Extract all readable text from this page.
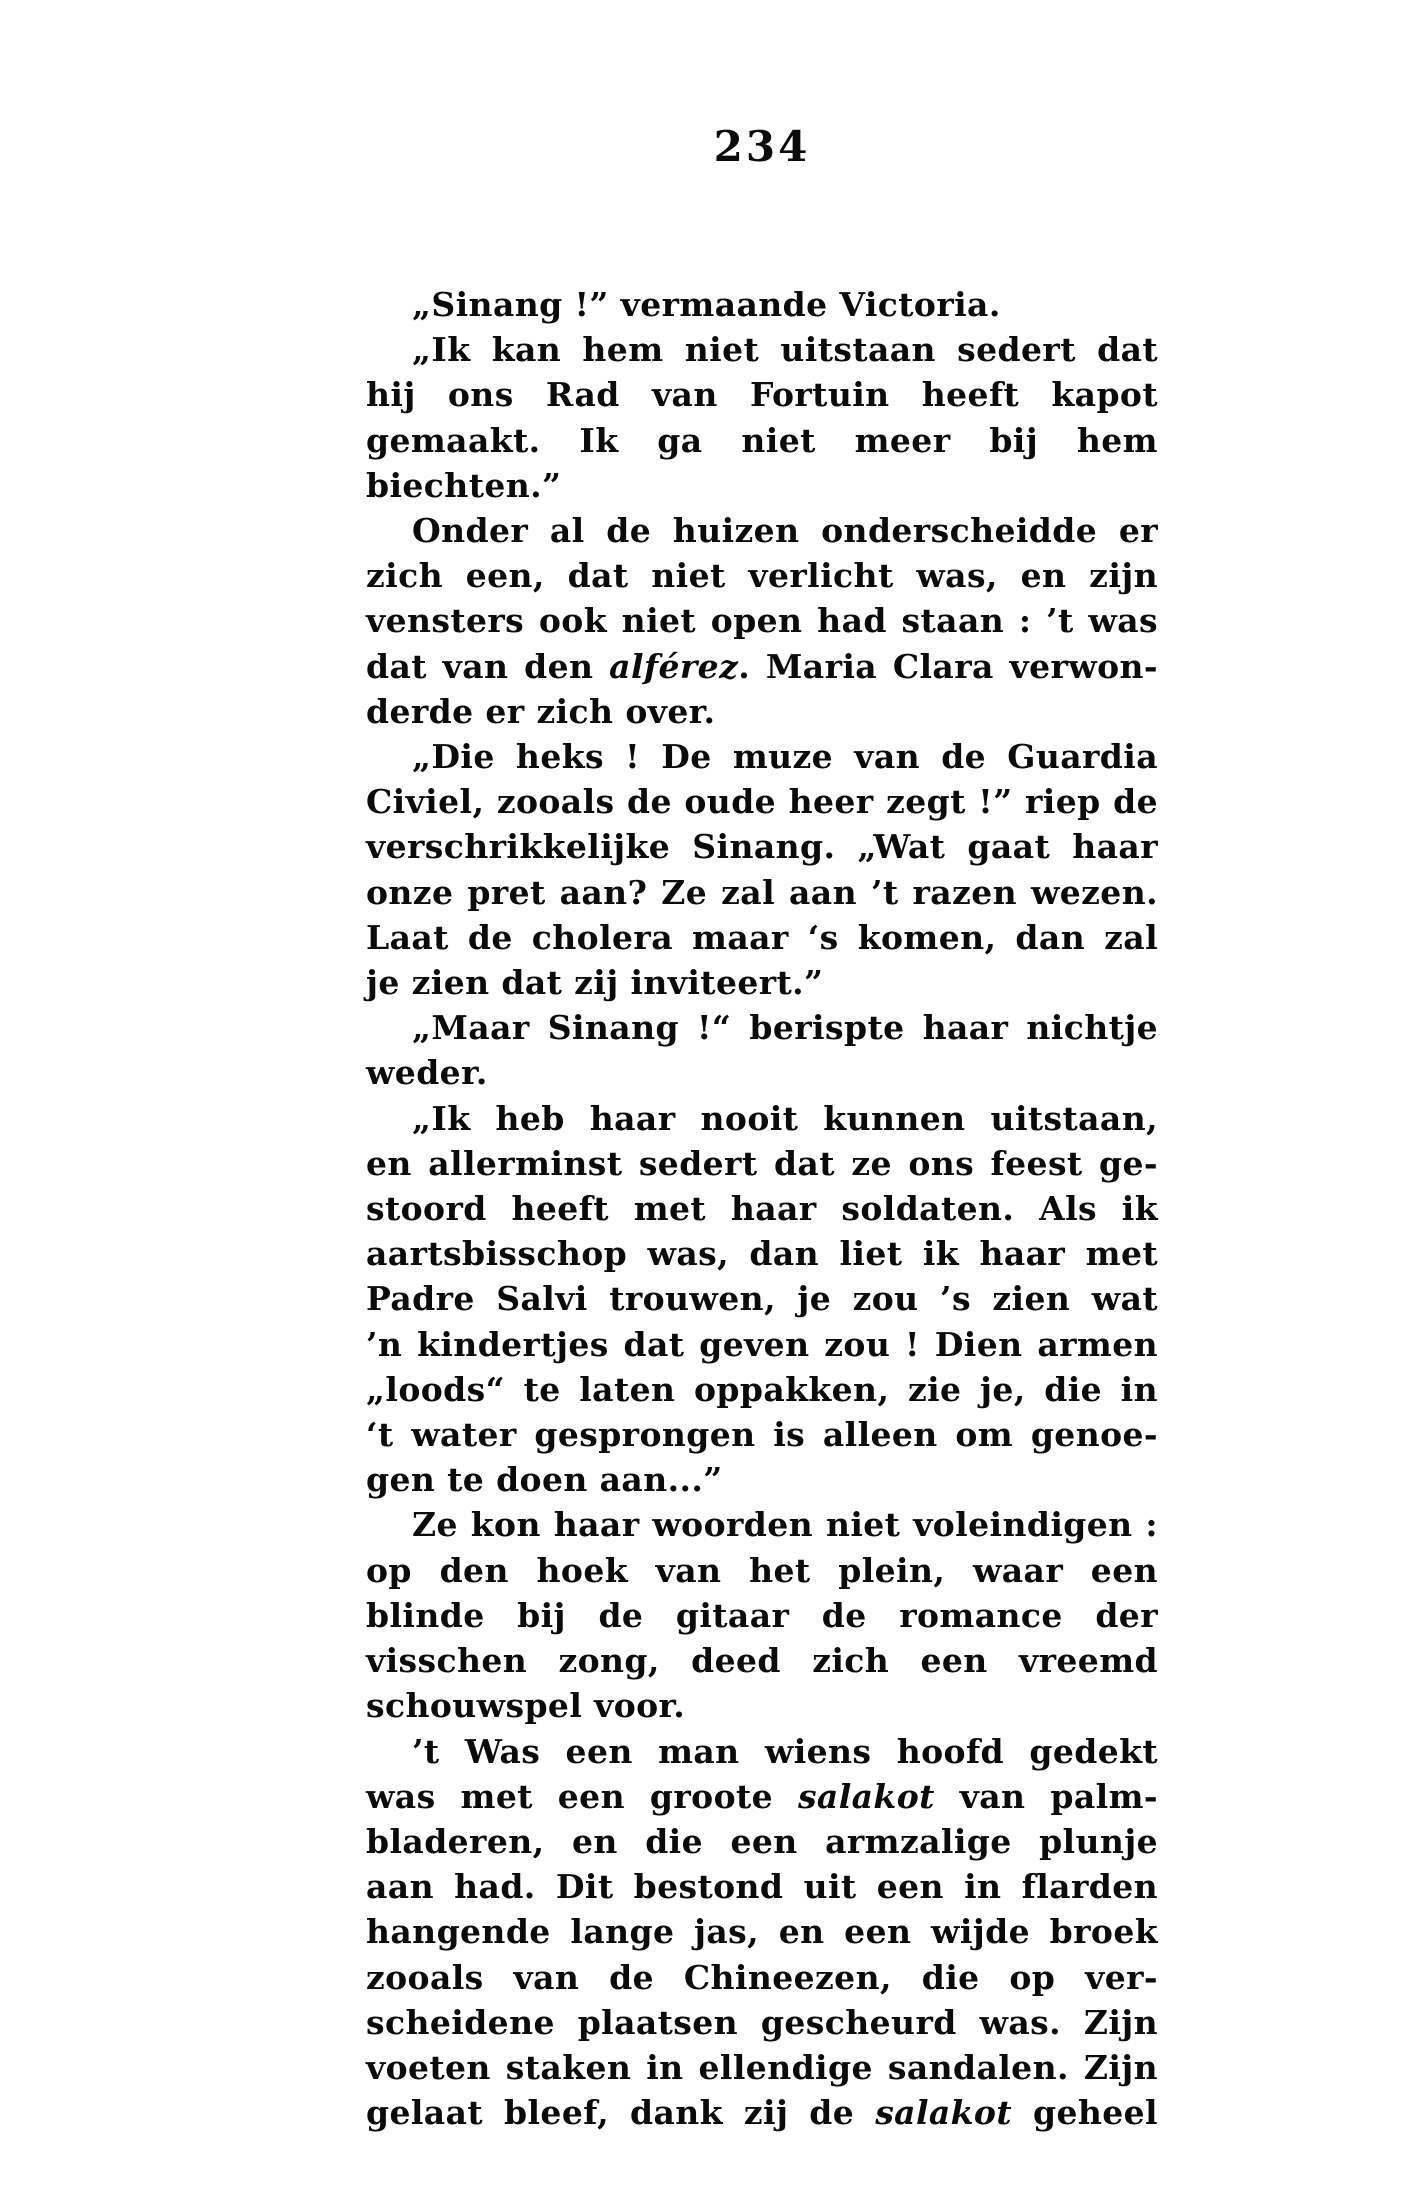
234
„Sinang !” vermaande Victoria.
„Ik kan hem niet uitstaan sedert dat
hij ons Rad van Fortuin heeft kapot
gemaakt. Ik ga niet meer bij hem
biechten.”
Onder al de huizen onderscheidde er
zich een, dat niet verlicht was, en zijn
vensters ook niet open had staan : ’t was
dat van den alférez. Maria Clara verwon-
derde er zich over.
„Die heks ! De muze van de Guardia
Civiel, zooals de oude heer zegt !” riep de
verschrikkelijke Sinang. „Wat gaat haar
onze pret aan? Ze zal aan ’t razen wezen.
Laat de cholera maar ‘s komen, dan zal
je zien dat zij inviteert.”
„Maar Sinang !“ berispte haar nichtje
weder.
„Ik heb haar nooit kunnen uitstaan,
en allerminst sedert dat ze ons feest ge-
stoord heeft met haar soldaten. Als ik
aartsbisschop was, dan liet ik haar met
Padre Salvi trouwen, je zou ’s zien wat
’n kindertjes dat geven zou ! Dien armen
„loods“ te laten oppakken, zie je, die in
‘t water gesprongen is alleen om genoe-
gen te doen aan...”
Ze kon haar woorden niet voleindigen :
op den hoek van het plein, waar een
blinde bij de gitaar de romance der
visschen zong, deed zich een vreemd
schouwspel voor.
’t Was een man wiens hoofd gedekt
was met een groote salakot van palm-
bladeren, en die een armzalige plunje
aan had. Dit bestond uit een in flarden
hangende lange jas, en een wijde broek
zooals van de Chineezen, die op ver-
scheidene plaatsen gescheurd was. Zijn
voeten staken in ellendige sandalen. Zijn
gelaat bleef, dank zij de salakot geheel
